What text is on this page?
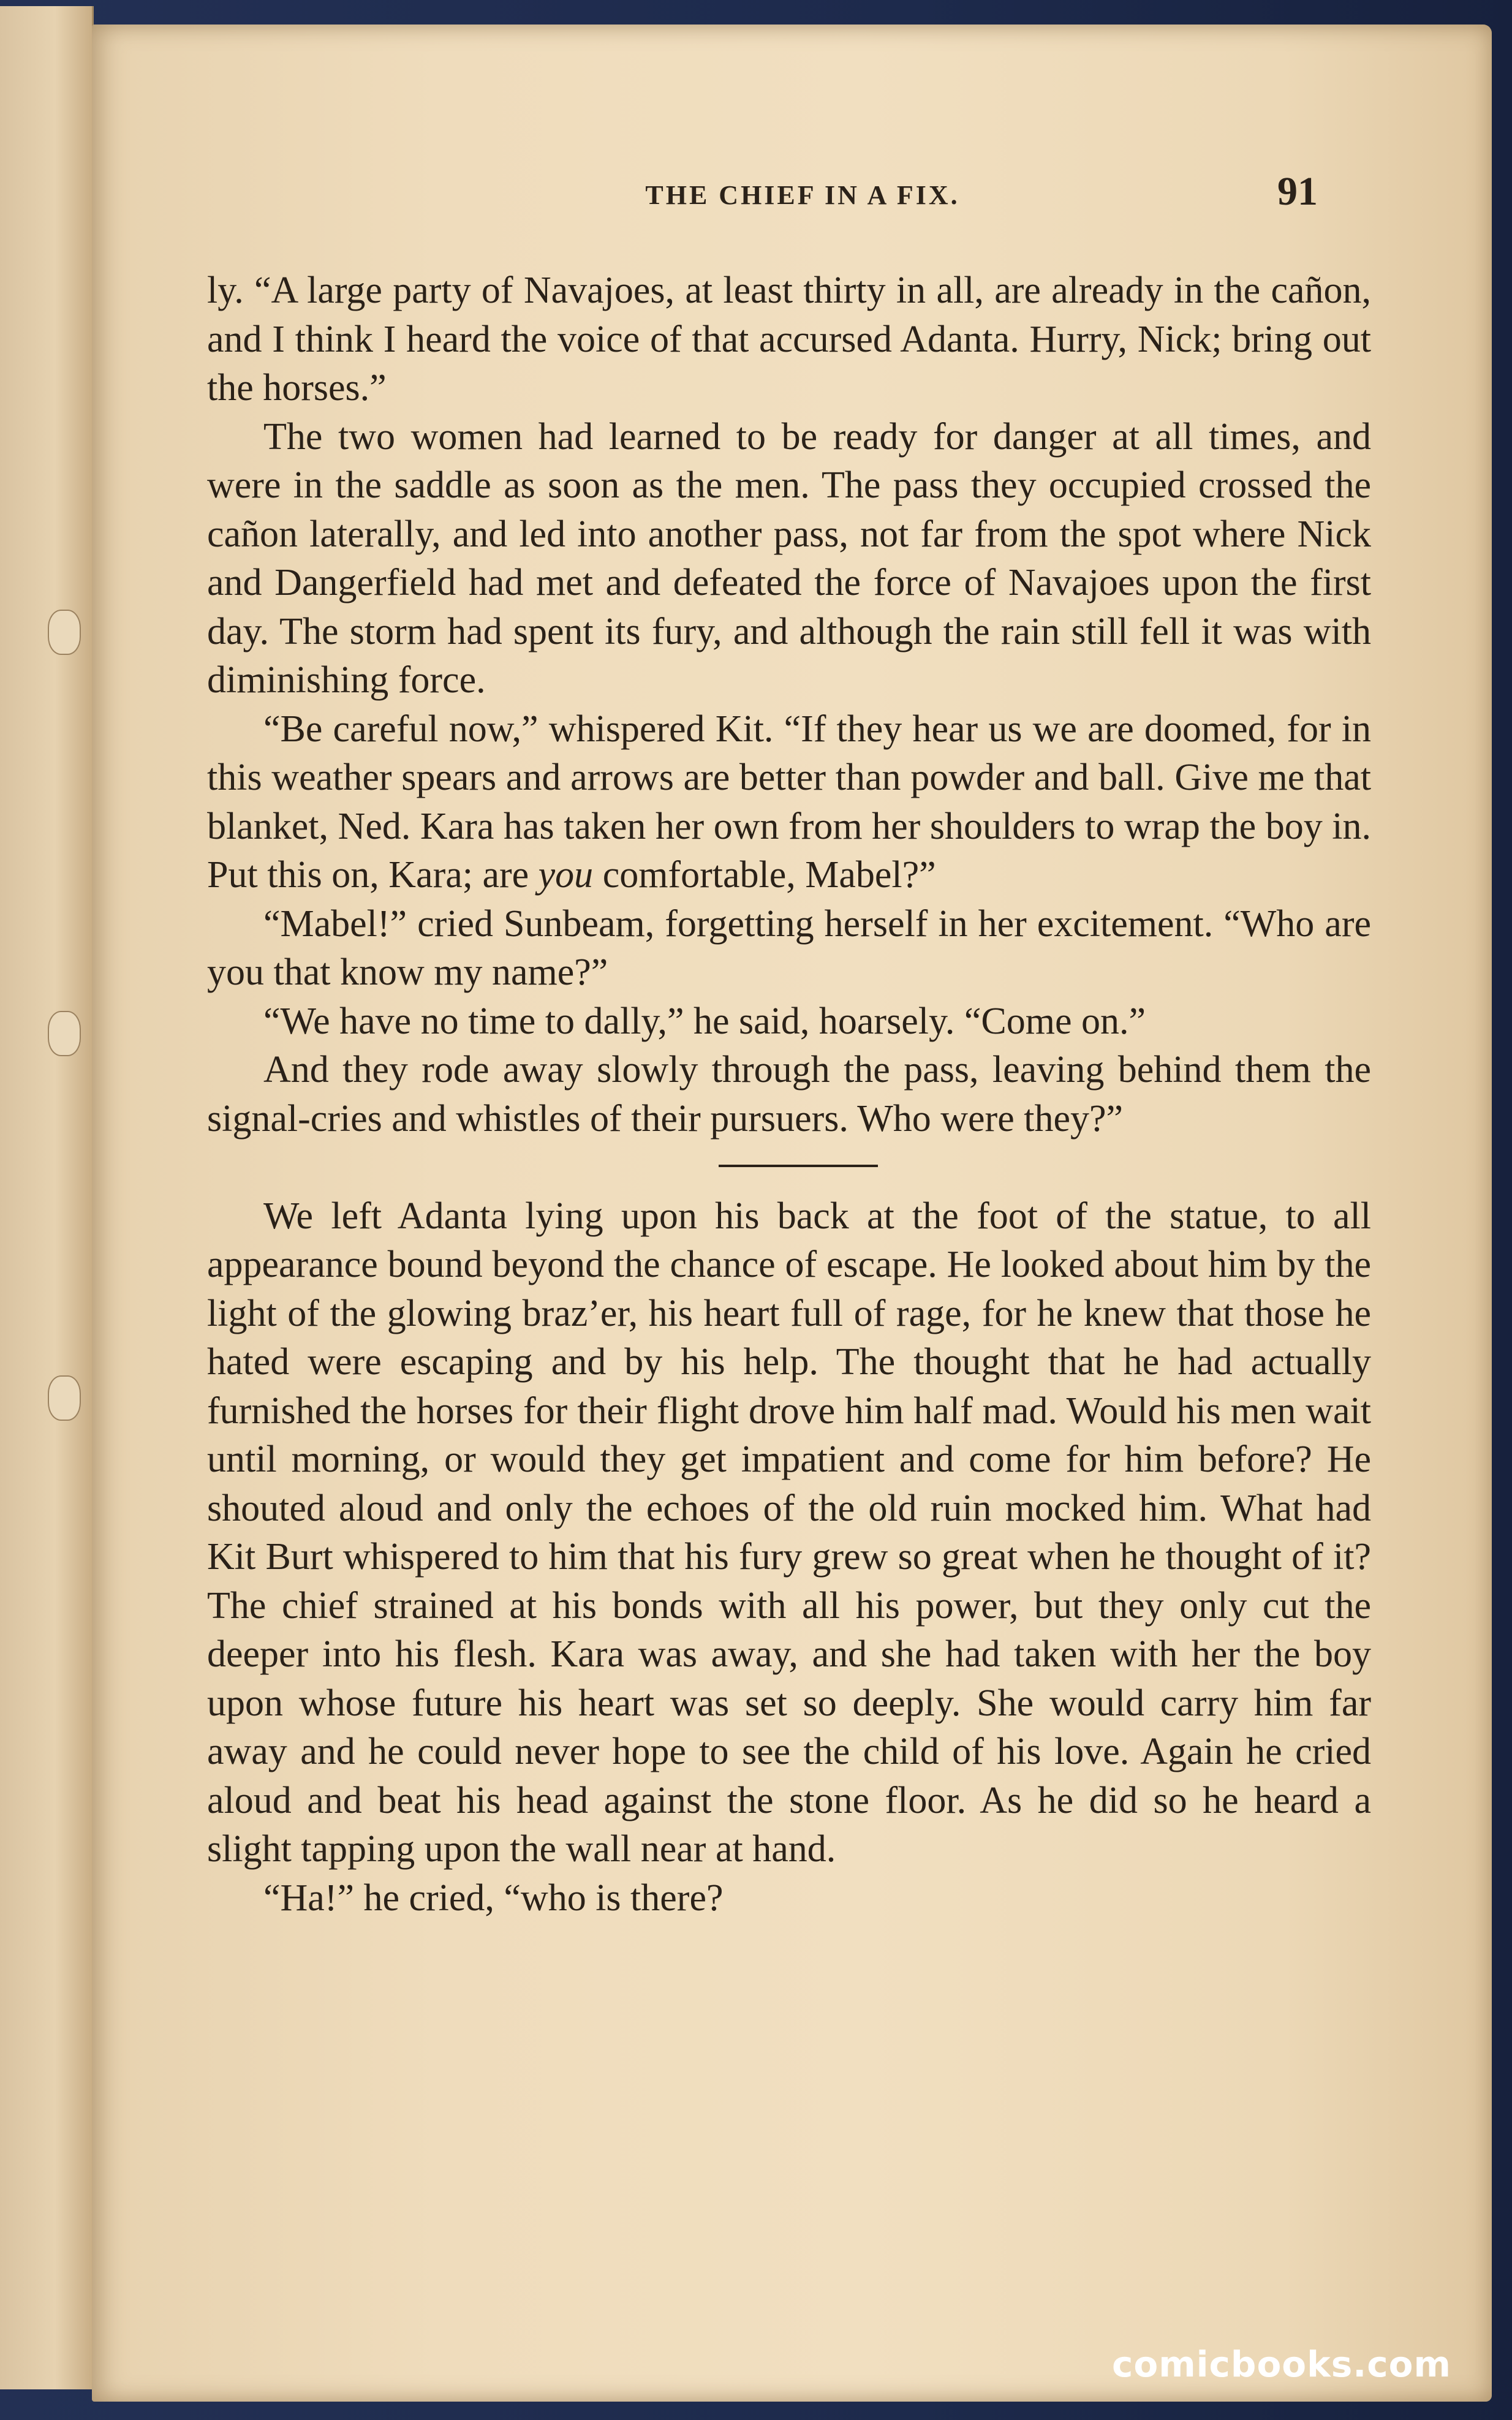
THE CHIEF IN A FIX.	91

ly. “A large party of Navajoes, at least thirty in all, are already in the cañon, and I think I heard the voice of that accursed Adanta. Hurry, Nick; bring out the horses.”

The two women had learned to be ready for danger at all times, and were in the saddle as soon as the men. The pass they occupied crossed the cañon laterally, and led into another pass, not far from the spot where Nick and Dangerfield had met and defeated the force of Navajoes upon the first day. The storm had spent its fury, and although the rain still fell it was with diminishing force.

“Be careful now,” whispered Kit. “If they hear us we are doomed, for in this weather spears and arrows are better than powder and ball. Give me that blanket, Ned. Kara has taken her own from her shoulders to wrap the boy in. Put this on, Kara; are you comfortable, Mabel?”

“Mabel!” cried Sunbeam, forgetting herself in her excitement. “Who are you that know my name?”

“We have no time to dally,” he said, hoarsely. “Come on.”

And they rode away slowly through the pass, leaving behind them the signal-cries and whistles of their pursuers. Who were they?”

We left Adanta lying upon his back at the foot of the statue, to all appearance bound beyond the chance of escape. He looked about him by the light of the glowing braz’er, his heart full of rage, for he knew that those he hated were escaping and by his help. The thought that he had actually furnished the horses for their flight drove him half mad. Would his men wait until morning, or would they get impatient and come for him before? He shouted aloud and only the echoes of the old ruin mocked him. What had Kit Burt whispered to him that his fury grew so great when he thought of it? The chief strained at his bonds with all his power, but they only cut the deeper into his flesh. Kara was away, and she had taken with her the boy upon whose future his heart was set so deeply. She would carry him far away and he could never hope to see the child of his love. Again he cried aloud and beat his head against the stone floor. As he did so he heard a slight tapping upon the wall near at hand.

“Ha!” he cried, “who is there?

comicbooks.com
